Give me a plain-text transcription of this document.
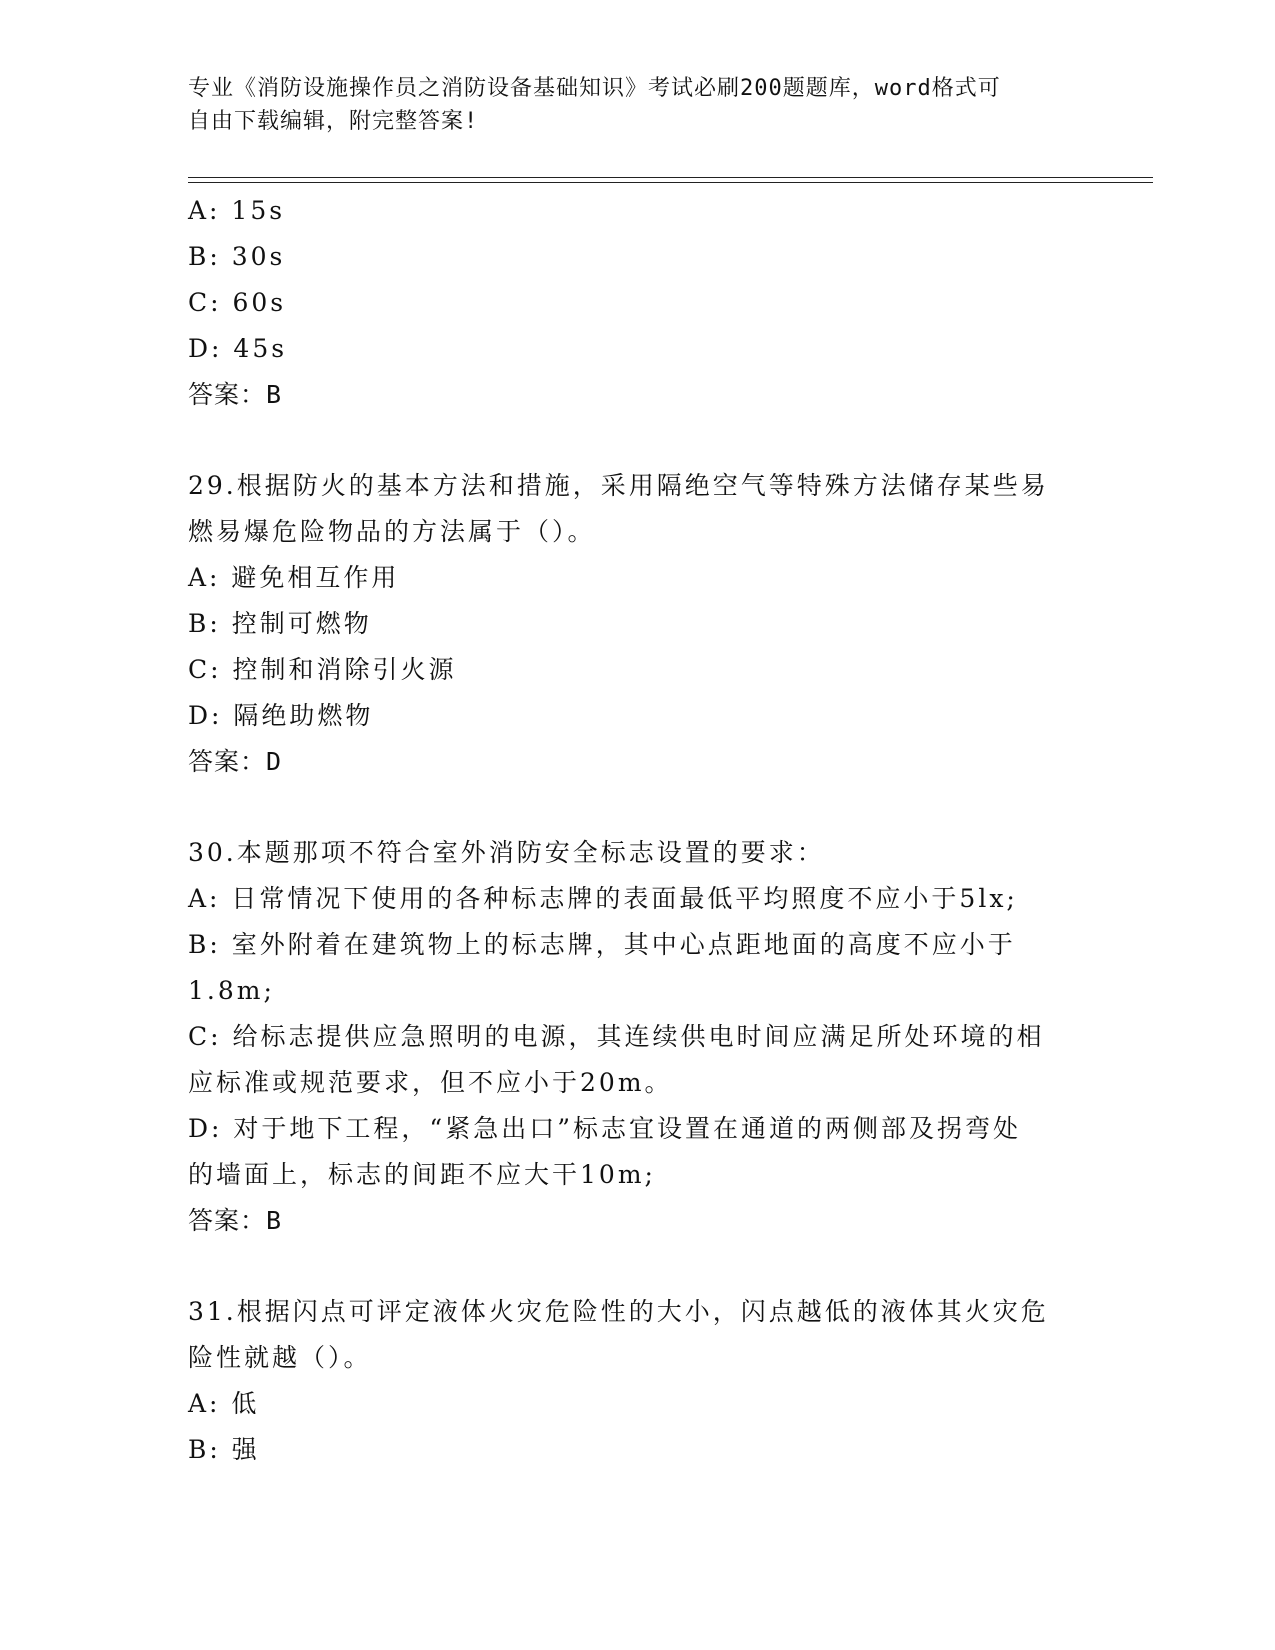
专业《消防设施操作员之消防设备基础知识》考试必刷200题题库，word格式可
自由下载编辑，附完整答案!
A: 15s
B: 30s
C: 60s
D: 45s
答案：B
29.根据防火的基本方法和措施，采用隔绝空气等特殊方法储存某些易
燃易爆危险物品的方法属于（）。
A: 避免相互作用
B: 控制可燃物
C: 控制和消除引火源
D: 隔绝助燃物
答案：D
30.本题那项不符合室外消防安全标志设置的要求：
A: 日常情况下使用的各种标志牌的表面最低平均照度不应小于5lx;
B: 室外附着在建筑物上的标志牌，其中心点距地面的高度不应小于
1.8m;
C: 给标志提供应急照明的电源，其连续供电时间应满足所处环境的相
应标准或规范要求，但不应小于20m。
D: 对于地下工程，“紧急出口”标志宜设置在通道的两侧部及拐弯处
的墙面上，标志的间距不应大干10m;
答案：B
31.根据闪点可评定液体火灾危险性的大小，闪点越低的液体其火灾危
险性就越（）。
A: 低
B: 强
